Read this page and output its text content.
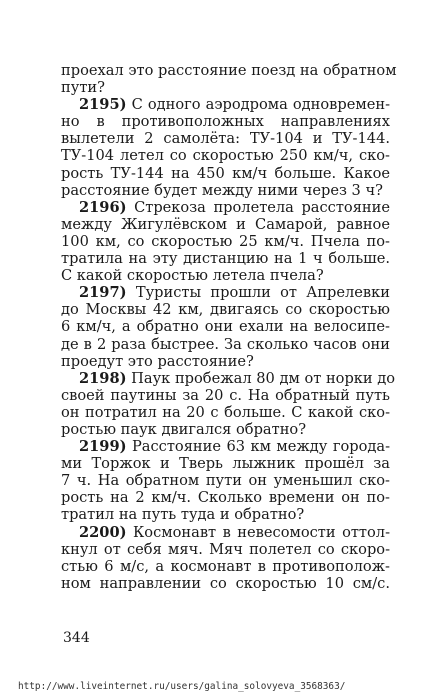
проехал это расстояние поезд на обратном
пути?
2195) С одного аэродрома одновремен-
но в противоположных направлениях
вылетели 2 самолёта: ТУ-104 и ТУ-144.
ТУ-104 летел со скоростью 250 км/ч, ско-
рость ТУ-144 на 450 км/ч больше. Какое
расстояние будет между ними через 3 ч?
2196) Стрекоза пролетела расстояние
между Жигулёвском и Самарой, равное
100 км, со скоростью 25 км/ч. Пчела по-
тратила на эту дистанцию на 1 ч больше.
С какой скоростью летела пчела?
2197) Туристы прошли от Апрелевки
до Москвы 42 км, двигаясь со скоростью
6 км/ч, а обратно они ехали на велосипе-
де в 2 раза быстрее. За сколько часов они
проедут это расстояние?
2198) Паук пробежал 80 дм от норки до
своей паутины за 20 с. На обратный путь
он потратил на 20 с больше. С какой ско-
ростью паук двигался обратно?
2199) Расстояние 63 км между городa-
ми Торжок и Тверь лыжник прошёл за
7 ч. На обратном пути он уменьшил ско-
рость на 2 км/ч. Сколько времени он по-
тратил на путь туда и обратно?
2200) Космонавт в невесомости оттол-
кнул от себя мяч. Мяч полетел со скоро-
стью 6 м/с, а космонавт в противополож-
ном направлении со скоростью 10 см/с.
344
http://www.liveinternet.ru/users/galina_solovyeva_3568363/
